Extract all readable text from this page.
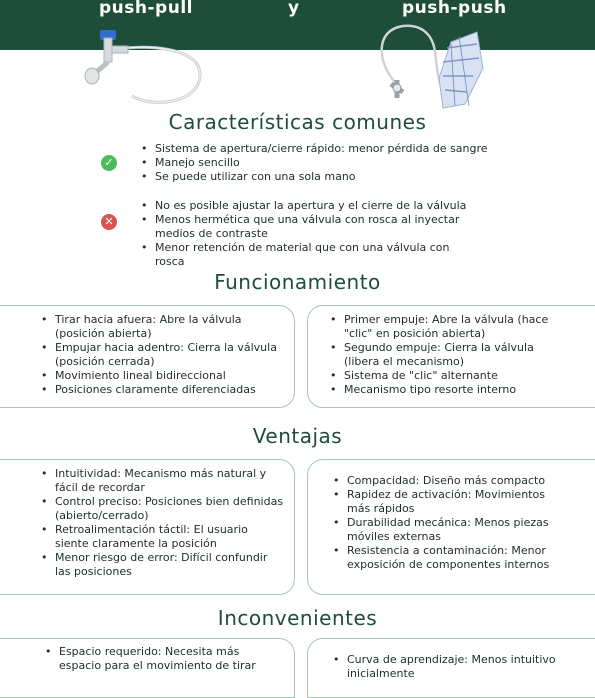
push-pull	y	push-push
Características comunes
✓
• Sistema de apertura/cierre rápido: menor pérdida de sangre
• Manejo sencillo
• Se puede utilizar con una sola mano
✕
• No es posible ajustar la apertura y el cierre de la válvula
• Menos hermética que una válvula con rosca al inyectar medios de contraste
• Menor retención de material que con una válvula con rosca
Funcionamiento
• Tirar hacia afuera: Abre la válvula (posición abierta)
• Empujar hacia adentro: Cierra la válvula (posición cerrada)
• Movimiento lineal bidireccional
• Posiciones claramente diferenciadas
• Primer empuje: Abre la válvula (hace "clic" en posición abierta)
• Segundo empuje: Cierra la válvula (libera el mecanismo)
• Sistema de "clic" alternante
• Mecanismo tipo resorte interno
Ventajas
• Intuitividad: Mecanismo más natural y fácil de recordar
• Control preciso: Posiciones bien definidas (abierto/cerrado)
• Retroalimentación táctil: El usuario siente claramente la posición
• Menor riesgo de error: Difícil confundir las posiciones
• Compacidad: Diseño más compacto
• Rapidez de activación: Movimientos más rápidos
• Durabilidad mecánica: Menos piezas móviles externas
• Resistencia a contaminación: Menor exposición de componentes internos
Inconvenientes
• Espacio requerido: Necesita más espacio para el movimiento de tirar
•	Curva de aprendizaje: Menos intuitivo inicialmente
